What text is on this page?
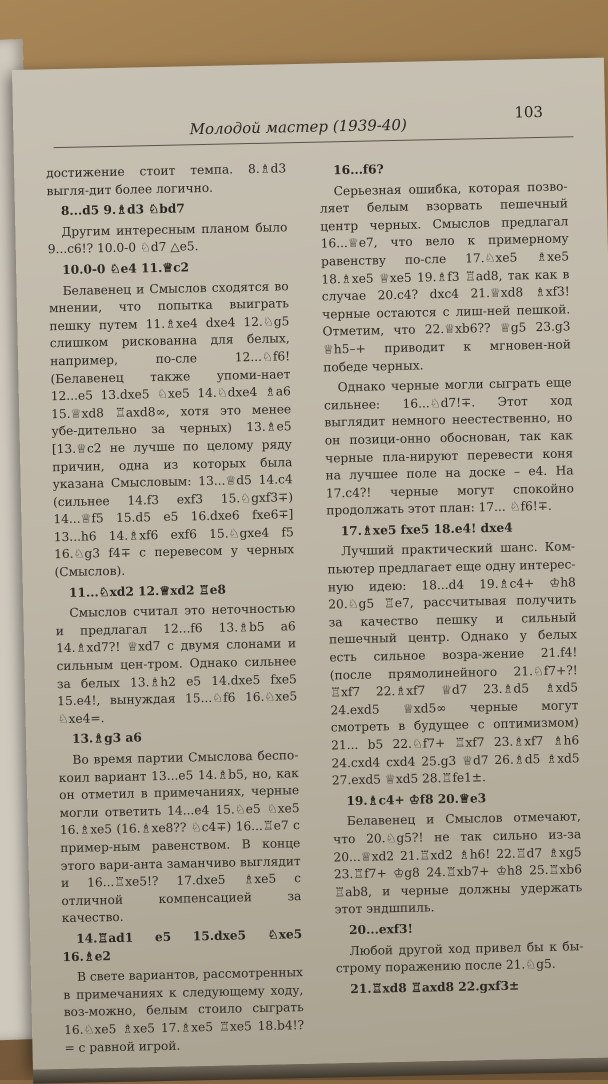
Молодой мастер (1939-40)
103

достижение стоит темпа. 8.♗d3 выгля-дит более логично.

8...d5 9.♗d3 ♘bd7

Другим интересным планом было 9...c6!? 10.0-0 ♘d7 △e5.

10.0-0 ♘e4 11.♕c2

Белавенец и Смыслов сходятся во мнении, что попытка выиграть пешку путем 11.♗xe4 dxe4 12.♘g5 слишком рискованна для белых, например, по-сле 12...♘f6! (Белавенец также упоми-нает 12...e5 13.dxe5 ♘xe5 14.♘dxe4 ♗a6 15.♕xd8 ♖axd8∞, хотя это менее убе-дительно за черных) 13.♗e5 [13.♕c2 не лучше по целому ряду причин, одна из которых была указана Смысловым: 13...♕d5 14.c4 (сильнее 14.f3 exf3 15.♘gxf3∓) 14...♕f5 15.d5 e5 16.dxe6 fxe6∓] 13...h6 14.♗xf6 exf6 15.♘gxe4 f5 16.♘g3 f4∓ с перевесом у черных (Смыслов).

11...♘xd2 12.♕xd2 ♖e8

Смыслов считал это неточностью и предлагал 12...f6 13.♗b5 a6 14.♗xd7?! ♕xd7 с двумя слонами и сильным цен-тром. Однако сильнее за белых 13.♗h2 e5 14.dxe5 fxe5 15.e4!, вынуждая 15...♘f6 16.♘xe5 ♘xe4=.

13.♗g3 a6

Во время партии Смыслова беспо-коил вариант 13...e5 14.♗b5, но, как он отметил в примечаниях, черные могли ответить 14...e4 15.♘e5 ♘xe5 16.♗xe5 (16.♗xe8?? ♘c4∓) 16...♖e7 с пример-ным равенством. В конце этого вари-анта заманчиво выглядит и 16...♖xe5!? 17.dxe5 ♗xe5 с отличной компенсацией за качество.

14.♖ad1 e5 15.dxe5 ♘xe5 16.♗e2

В свете вариантов, рассмотренных в примечаниях к следующему ходу, воз-можно, белым стоило сыграть 16.♘xe5 ♗xe5 17.♗xe5 ♖xe5 18.b4!?= с равной игрой.

16...f6?

Серьезная ошибка, которая позво-ляет белым взорвать пешечный центр черных. Смыслов предлагал 16...♕e7, что вело к примерному равенству по-сле 17.♘xe5 ♗xe5 18.♗xe5 ♕xe5 19.♗f3 ♖ad8, так как в случае 20.c4? dxc4 21.♕xd8 ♗xf3! черные остаются с лиш-ней пешкой. Отметим, что 22.♕xb6?? ♕g5 23.g3 ♕h5–+ приводит к мгновен-ной победе черных.

Однако черные могли сыграть еще сильнее: 16...♘d7!∓. Этот ход выглядит немного неестественно, но он позици-онно обоснован, так как черные пла-нируют перевести коня на лучшее поле на доске – e4. На 17.c4?! черные могут спокойно продолжать этот план: 17... ♘f6!∓.

17.♗xe5 fxe5 18.e4! dxe4

Лучший практический шанс. Ком-пьютер предлагает еще одну интерес-ную идею: 18...d4 19.♗c4+ ♔h8 20.♘g5 ♖e7, рассчитывая получить за качество пешку и сильный пешечный центр. Однако у белых есть сильное возра-жение 21.f4! (после прямолинейного 21.♘f7+?! ♖xf7 22.♗xf7 ♕d7 23.♗d5 ♗xd5 24.exd5 ♕xd5∞ черные могут смотреть в будущее с оптимизмом) 21... b5 22.♘f7+ ♖xf7 23.♗xf7 ♗h6 24.cxd4 cxd4 25.g3 ♕d7 26.♗d5 ♗xd5 27.exd5 ♕xd5 28.♖fe1±.

19.♗c4+ ♔f8 20.♕e3

Белавенец и Смыслов отмечают, что 20.♘g5?! не так сильно из-за 20...♕xd2 21.♖xd2 ♗h6! 22.♖d7 ♗xg5 23.♖f7+ ♔g8 24.♖xb7+ ♔h8 25.♖xb6 ♖ab8, и черные должны удержать этот эндшпиль.

20...exf3!

Любой другой ход привел бы к бы-строму поражению после 21.♘g5.

21.♖xd8 ♖axd8 22.gxf3±
